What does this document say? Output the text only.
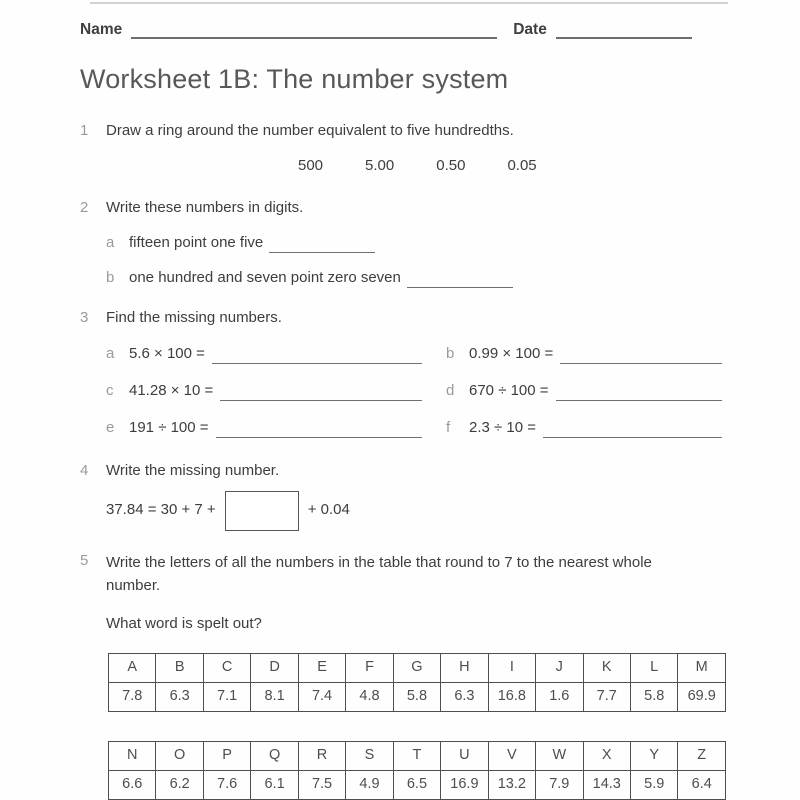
Name	Date
Worksheet 1B: The number system
1	Draw a ring around the number equivalent to five hundredths.
500	5.00	0.50	0.05
2	Write these numbers in digits.
a fifteen point one five
b one hundred and seven point zero seven
3	Find the missing numbers.
a 5.6 × 100 =	b 0.99 × 100 =
c	41.28 × 10 =	d 670 ÷ 100 =
e 191 ÷ 100 =	f	2.3 ÷ 10 =
4	Write the missing number.
37.84 = 30 + 7 +	+ 0.04
5	Write the letters of all the numbers in the table that round to 7 to the nearest whole number.
What word is spelt out?
A	B	C	D	E	F	G	H	I	J	K	L	M
7.8	6.3	7.1	8.1	7.4	4.8	5.8	6.3	16.8	1.6	7.7	5.8	69.9
N	O	P	Q	R	S	T	U	V	W	X	Y	Z
6.6	6.2	7.6	6.1	7.5	4.9	6.5	16.9	13.2	7.9	14.3	5.9	6.4
